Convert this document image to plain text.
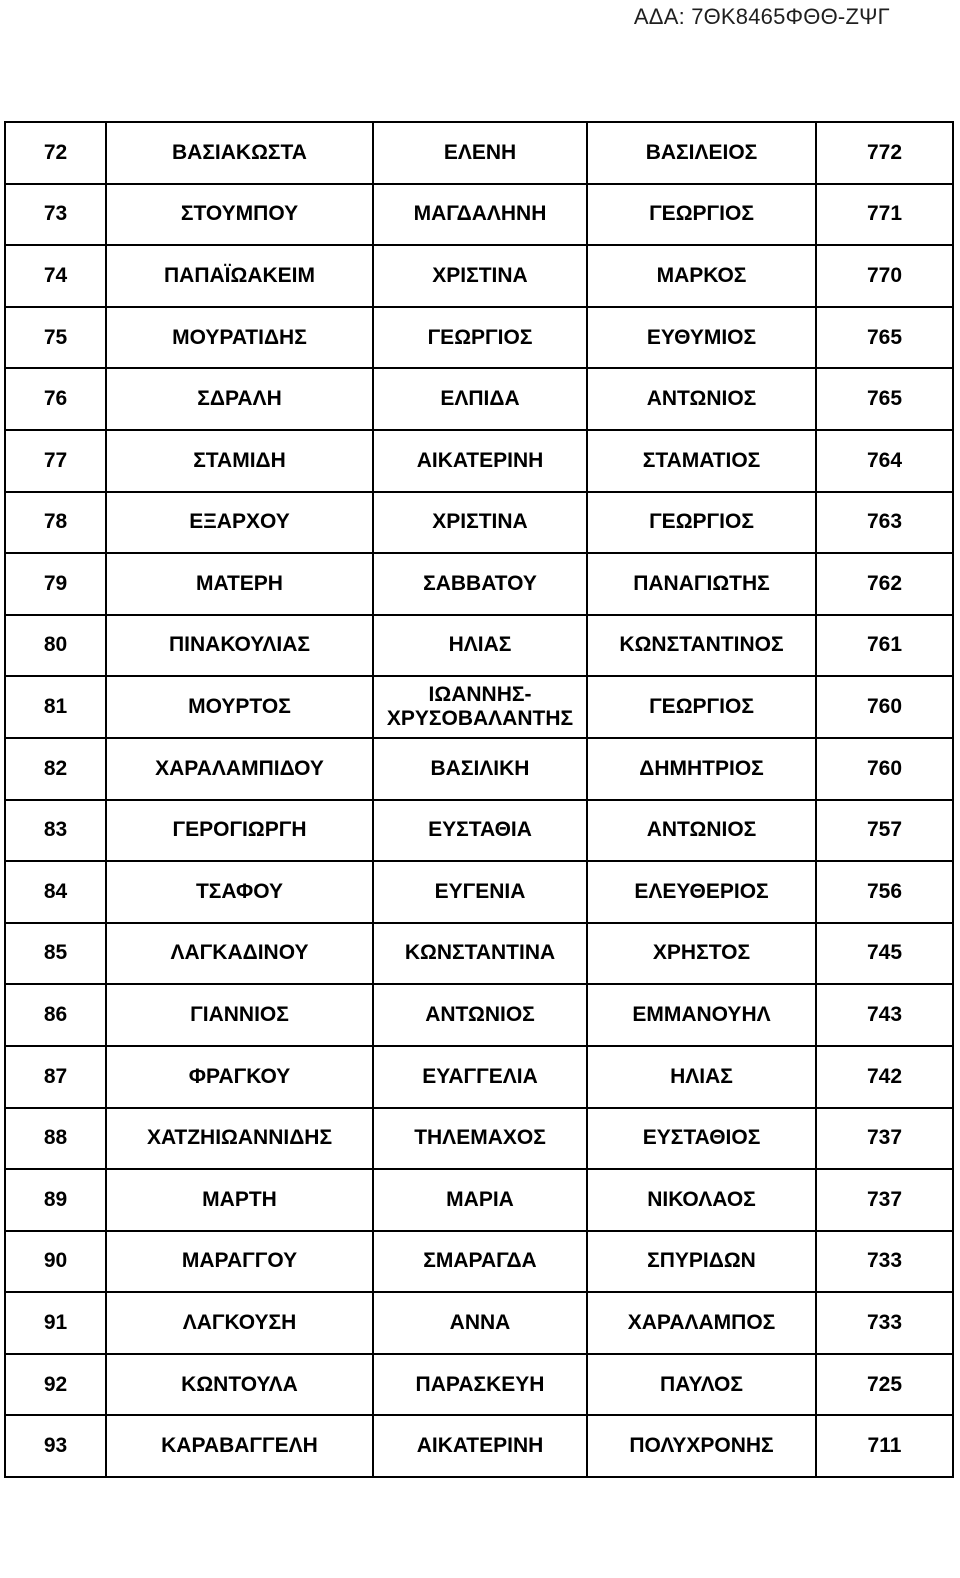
ΑΔΑ: 7ΘΚ8465ΦΘΘ-ΖΨΓ
72	ΒΑΣΙΑΚΩΣΤΑ	ΕΛΕΝΗ	ΒΑΣΙΛΕΙΟΣ	772
73	ΣΤΟΥΜΠΟΥ	ΜΑΓΔΑΛΗΝΗ	ΓΕΩΡΓΙΟΣ	771
74	ΠΑΠΑΪΩΑΚΕΙΜ	ΧΡΙΣΤΙΝΑ	ΜΑΡΚΟΣ	770
75	ΜΟΥΡΑΤΙΔΗΣ	ΓΕΩΡΓΙΟΣ	ΕΥΘΥΜΙΟΣ	765
76	ΣΔΡΑΛΗ	ΕΛΠΙΔΑ	ΑΝΤΩΝΙΟΣ	765
77	ΣΤΑΜΙΔΗ	ΑΙΚΑΤΕΡΙΝΗ	ΣΤΑΜΑΤΙΟΣ	764
78	ΕΞΑΡΧΟΥ	ΧΡΙΣΤΙΝΑ	ΓΕΩΡΓΙΟΣ	763
79	ΜΑΤΕΡΗ	ΣΑΒΒΑΤΟΥ	ΠΑΝΑΓΙΩΤΗΣ	762
80	ΠΙΝΑΚΟΥΛΙΑΣ	ΗΛΙΑΣ	ΚΩΝΣΤΑΝΤΙΝΟΣ	761
81	ΜΟΥΡΤΟΣ	ΙΩΑΝΝΗΣ-ΧΡΥΣΟΒΑΛΑΝΤΗΣ	ΓΕΩΡΓΙΟΣ	760
82	ΧΑΡΑΛΑΜΠΙΔΟΥ	ΒΑΣΙΛΙΚΗ	ΔΗΜΗΤΡΙΟΣ	760
83	ΓΕΡΟΓΙΩΡΓΗ	ΕΥΣΤΑΘΙΑ	ΑΝΤΩΝΙΟΣ	757
84	ΤΣΑΦΟΥ	ΕΥΓΕΝΙΑ	ΕΛΕΥΘΕΡΙΟΣ	756
85	ΛΑΓΚΑΔΙΝΟΥ	ΚΩΝΣΤΑΝΤΙΝΑ	ΧΡΗΣΤΟΣ	745
86	ΓΙΑΝΝΙΟΣ	ΑΝΤΩΝΙΟΣ	ΕΜΜΑΝΟΥΗΛ	743
87	ΦΡΑΓΚΟΥ	ΕΥΑΓΓΕΛΙΑ	ΗΛΙΑΣ	742
88	ΧΑΤΖΗΙΩΑΝΝΙΔΗΣ	ΤΗΛΕΜΑΧΟΣ	ΕΥΣΤΑΘΙΟΣ	737
89	ΜΑΡΤΗ	ΜΑΡΙΑ	ΝΙΚΟΛΑΟΣ	737
90	ΜΑΡΑΓΓΟΥ	ΣΜΑΡΑΓΔΑ	ΣΠΥΡΙΔΩΝ	733
91	ΛΑΓΚΟΥΣΗ	ΑΝΝΑ	ΧΑΡΑΛΑΜΠΟΣ	733
92	ΚΩΝΤΟΥΛΑ	ΠΑΡΑΣΚΕΥΗ	ΠΑΥΛΟΣ	725
93	ΚΑΡΑΒΑΓΓΕΛΗ	ΑΙΚΑΤΕΡΙΝΗ	ΠΟΛΥΧΡΟΝΗΣ	711
